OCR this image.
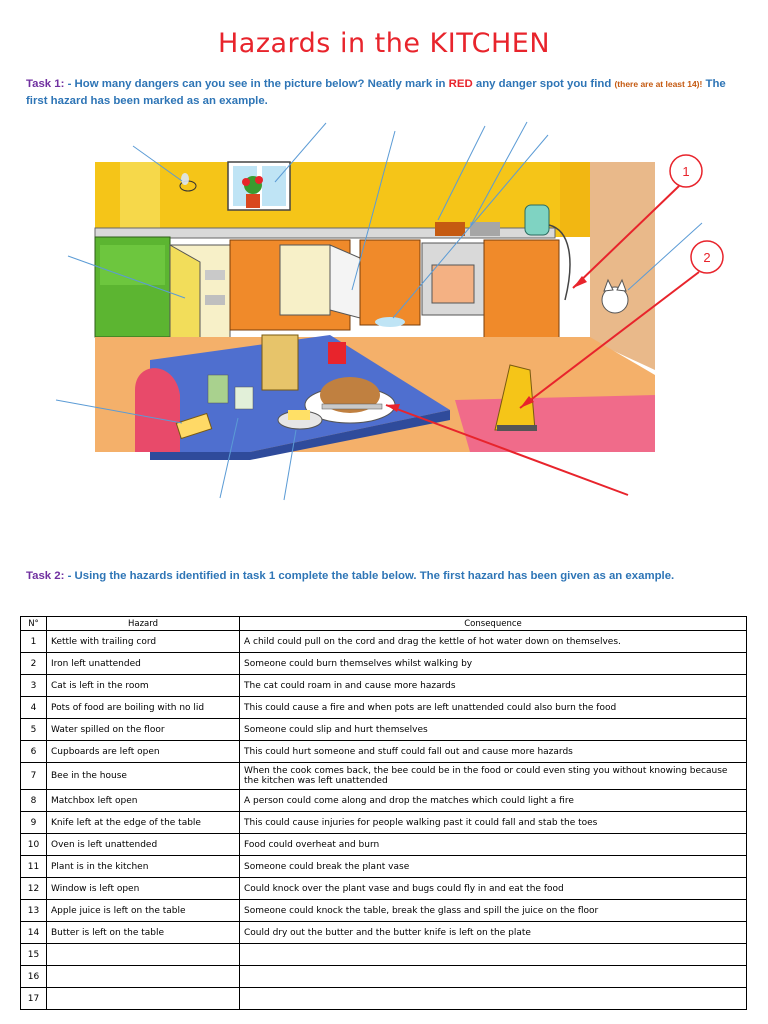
Hazards in the KITCHEN
Task 1: - How many dangers can you see in the picture below? Neatly mark in RED any danger spot you find (there are at least 14)! The first hazard has been marked as an example.
1
2
Task 2: - Using the hazards identified in task 1 complete the table below. The first hazard has been given as an example.
N°	Hazard	Consequence
1	Kettle with trailing cord	A child could pull on the cord and drag the kettle of hot water down on themselves.
2	Iron left unattended	Someone could burn themselves whilst walking by
3	Cat is left in the room	The cat could roam in and cause more hazards
4	Pots of food are boiling with no lid	This could cause a fire and when pots are left unattended could also burn the food
5	Water spilled on the floor	Someone could slip and hurt themselves
6	Cupboards are left open	This could hurt someone and stuff could fall out and cause more hazards
7	Bee in the house	When the cook comes back, the bee could be in the food or could even sting you without knowing because the kitchen was left unattended
8	Matchbox left open	A person could come along and drop the matches which could light a fire
9	Knife left at the edge of the table	This could cause injuries for people walking past it could fall and stab the toes
10	Oven is left unattended	Food could overheat and burn
11	Plant is in the kitchen	Someone could break the plant vase
12	Window is left open	Could knock over the plant vase and bugs could fly in and eat the food
13	Apple juice is left on the table	Someone could knock the table, break the glass and spill the juice on the floor
14	Butter is left on the table	Could dry out the butter and the butter knife is left on the plate
15		
16		
17		
